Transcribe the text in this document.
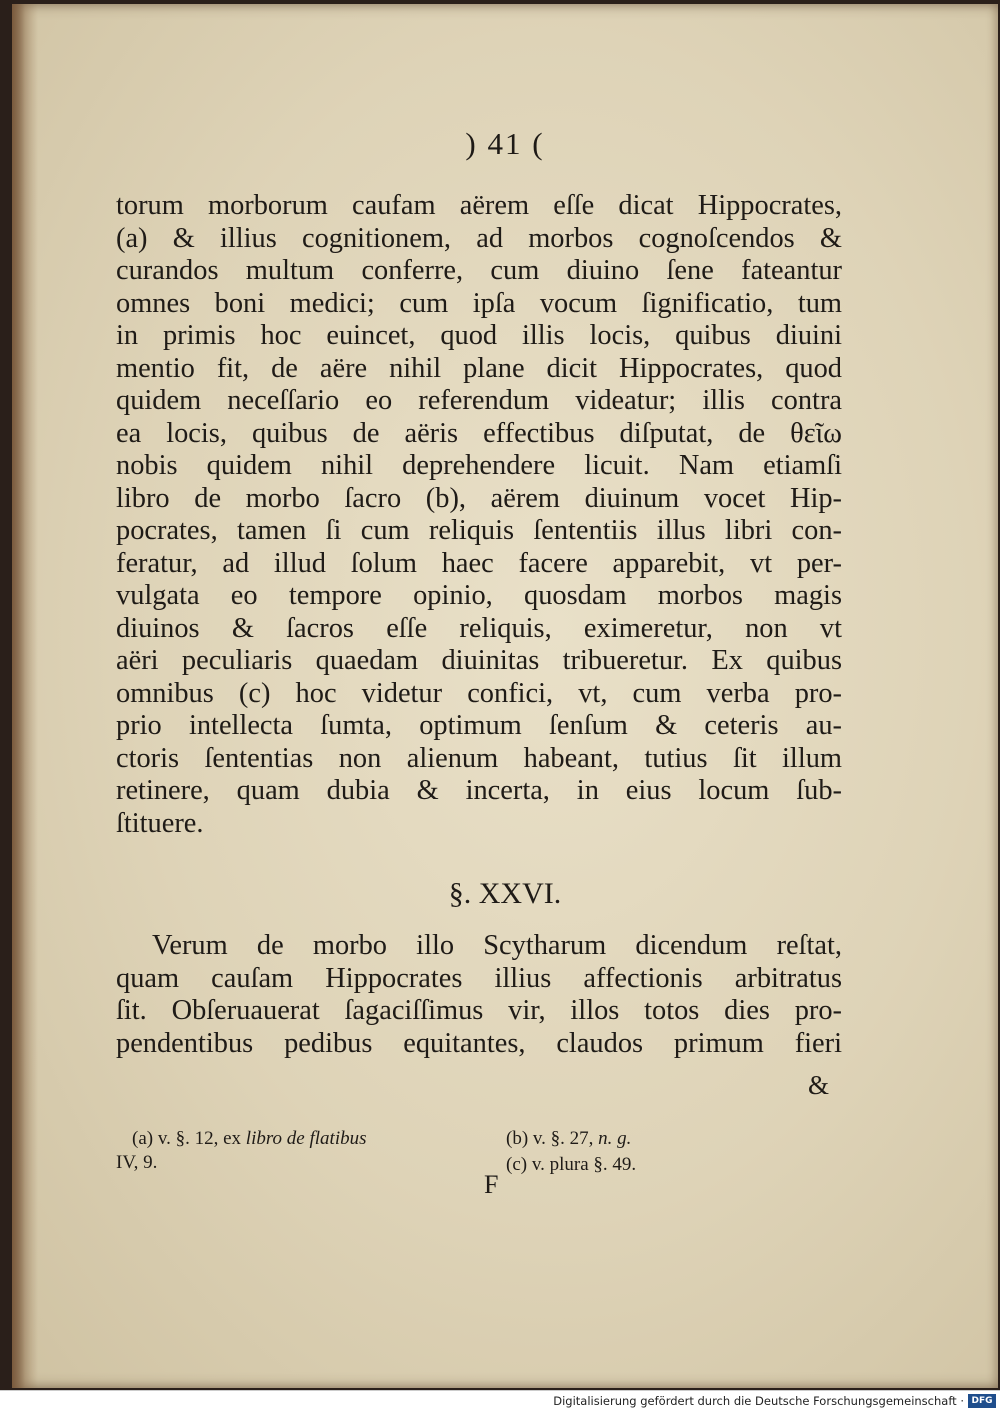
) 41 (
torum morborum caufam aërem eſſe dicat Hippocrates,
(a) & illius cognitionem, ad morbos cognoſcendos &
curandos multum conferre, cum diuino ſene fateantur
omnes boni medici; cum ipſa vocum ſignificatio, tum
in primis hoc euincet, quod illis locis, quibus diuini
mentio fit, de aëre nihil plane dicit Hippocrates, quod
quidem neceſſario eo referendum videatur; illis contra
ea locis, quibus de aëris effectibus diſputat, de θεῖω
nobis quidem nihil deprehendere licuit. Nam etiamſi
libro de morbo ſacro (b), aërem diuinum vocet Hip-
pocrates, tamen ſi cum reliquis ſententiis illus libri con-
feratur, ad illud ſolum haec facere apparebit, vt per-
vulgata eo tempore opinio, quosdam morbos magis
diuinos & ſacros eſſe reliquis, eximeretur, non vt
aëri peculiaris quaedam diuinitas tribueretur. Ex quibus
omnibus (c) hoc videtur confici, vt, cum verba pro-
prio intellecta ſumta, optimum ſenſum & ceteris au-
ctoris ſententias non alienum habeant, tutius ſit illum
retinere, quam dubia & incerta, in eius locum ſub-
ſtituere.
§. XXVI.
Verum de morbo illo Scytharum dicendum reſtat,
quam cauſam Hippocrates illius affectionis arbitratus
ſit. Obſeruauerat ſagaciſſimus vir, illos totos dies pro-
pendentibus pedibus equitantes, claudos primum fieri
&
(a) v. §. 12, ex libro de flatibus
IV, 9.
(b) v. §. 27, n. g.
(c) v. plura §. 49.
F
Digitalisierung gefördert durch die Deutsche Forschungsgemeinschaft · DFG
